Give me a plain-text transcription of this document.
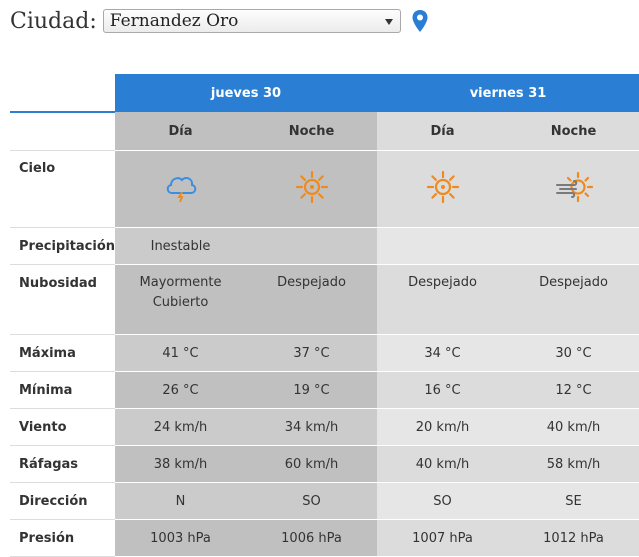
Ciudad: Fernandez Oro
	jueves 30		viernes 31	
	Día	Noche	Día	Noche
Cielo				
Precipitación	Inestable			
Nubosidad	Mayormente Cubierto	Despejado	Despejado	Despejado
Máxima	41 °C	37 °C	34 °C	30 °C
Mínima	26 °C	19 °C	16 °C	12 °C
Viento	24 km/h	34 km/h	20 km/h	40 km/h
Ráfagas	38 km/h	60 km/h	40 km/h	58 km/h
Dirección	N	SO	SO	SE
Presión	1003 hPa	1006 hPa	1007 hPa	1012 hPa
